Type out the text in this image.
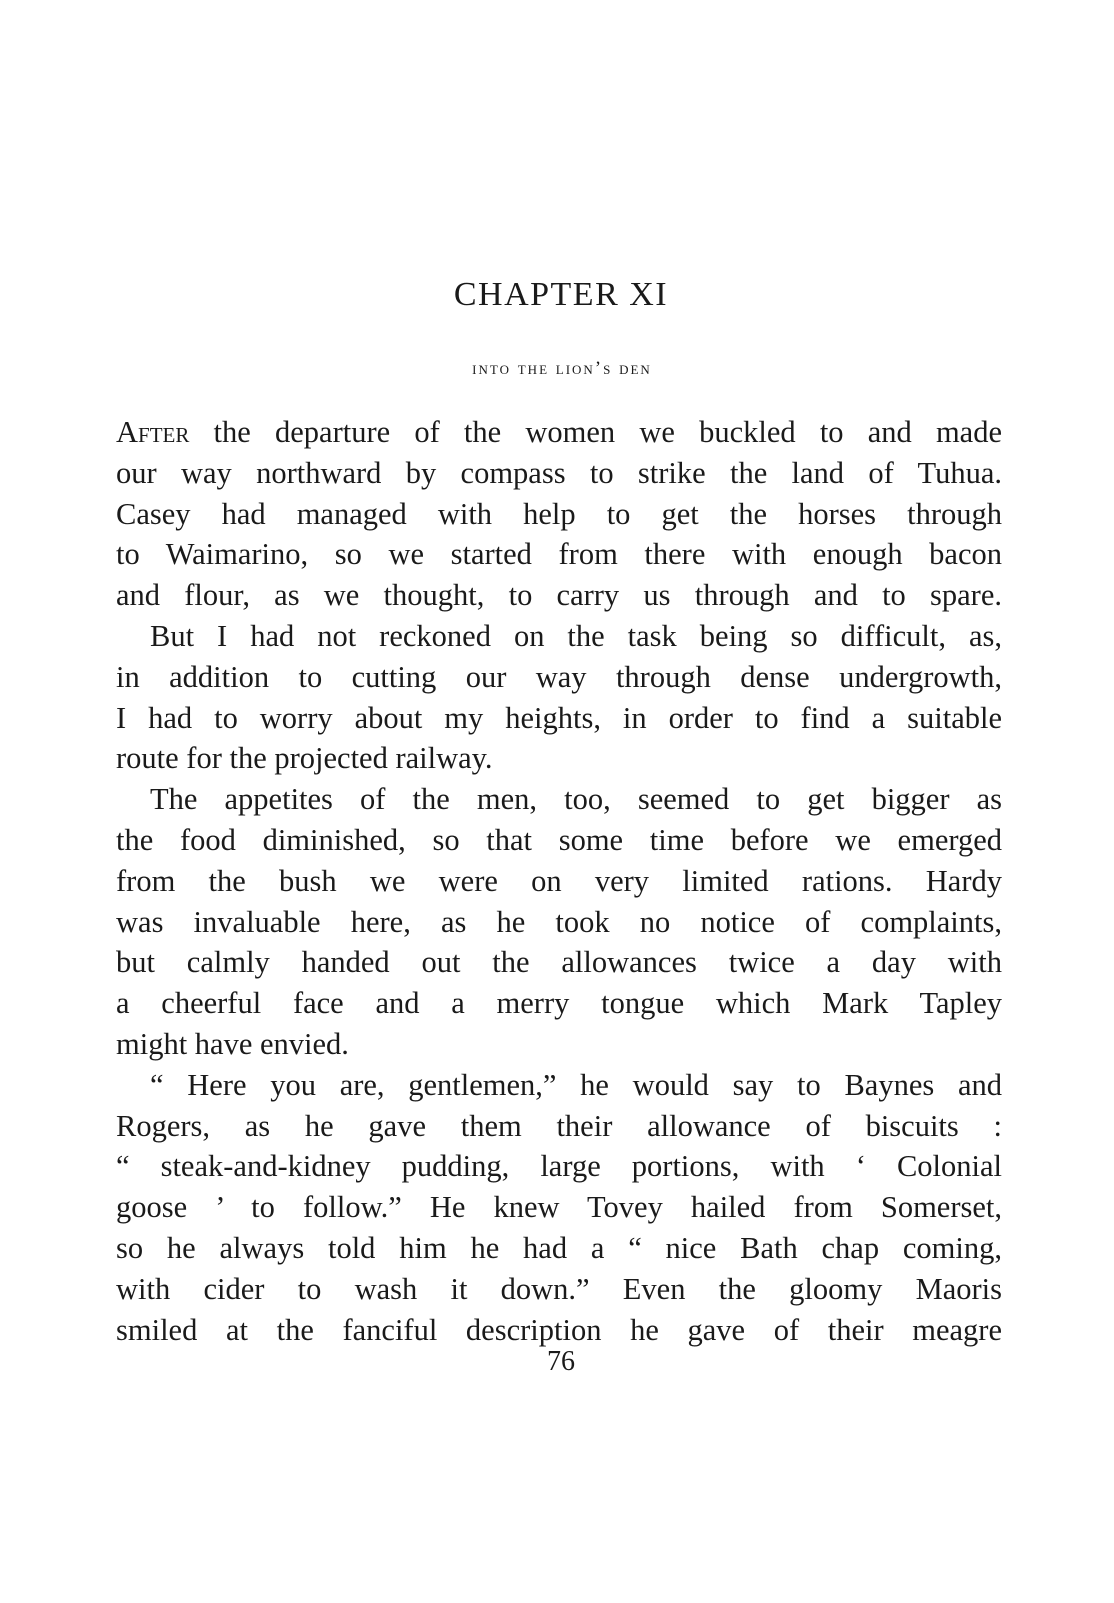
CHAPTER XI
into the lion’s den

After the departure of the women we buckled to and made

our way northward by compass to strike the land of Tuhua.

Casey had managed with help to get the horses through

to Waimarino, so we started from there with enough bacon

and flour, as we thought, to carry us through and to spare.

But I had not reckoned on the task being so difficult, as,

in addition to cutting our way through dense undergrowth,

I had to worry about my heights, in order to find a suitable

route for the projected railway.

The appetites of the men, too, seemed to get bigger as

the food diminished, so that some time before we emerged

from the bush we were on very limited rations. Hardy

was invaluable here, as he took no notice of complaints,

but calmly handed out the allowances twice a day with

a cheerful face and a merry tongue which Mark Tapley

might have envied.

“ Here you are, gentlemen,” he would say to Baynes and

Rogers, as he gave them their allowance of biscuits :

“ steak-and-kidney pudding, large portions, with ‘ Colonial

goose ’ to follow.” He knew Tovey hailed from Somerset,

so he always told him he had a “ nice Bath chap coming,

with cider to wash it down.” Even the gloomy Maoris

smiled at the fanciful description he gave of their meagre

76
